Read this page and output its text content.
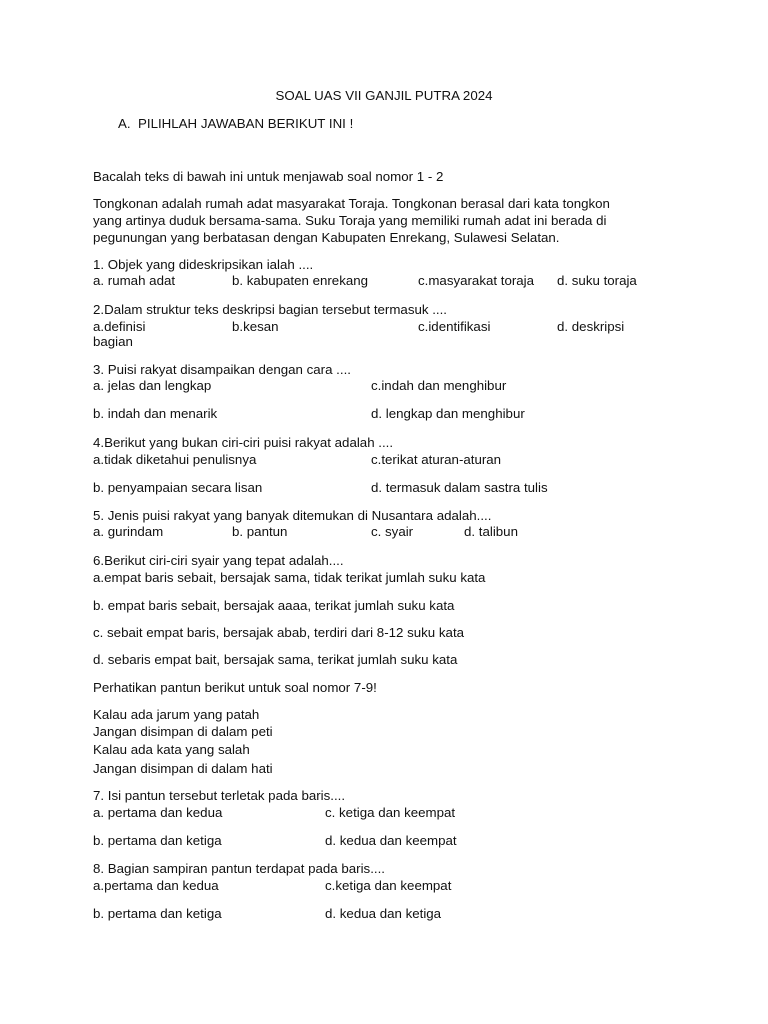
SOAL UAS VII GANJIL PUTRA 2024
A. PILIHLAH JAWABAN BERIKUT INI !
Bacalah teks di bawah ini untuk menjawab soal nomor 1 - 2
Tongkonan adalah rumah adat masyarakat Toraja. Tongkonan berasal dari kata tongkon
yang artinya duduk bersama-sama. Suku Toraja yang memiliki rumah adat ini berada di
pegunungan yang berbatasan dengan Kabupaten Enrekang, Sulawesi Selatan.
1. Objek yang dideskripsikan ialah ....
a. rumah adat	b. kabupaten enrekang	c.masyarakat toraja d. suku toraja
2.Dalam struktur teks deskripsi bagian tersebut termasuk ....
a.definisi	b.kesan	c.identifikasi	d. deskripsi
bagian
3. Puisi rakyat disampaikan dengan cara ....
a. jelas dan lengkap	c.indah dan menghibur
b. indah dan menarik	d. lengkap dan menghibur
4.Berikut yang bukan ciri-ciri puisi rakyat adalah ....
a.tidak diketahui penulisnya	c.terikat aturan-aturan
b. penyampaian secara lisan	d. termasuk dalam sastra tulis
5. Jenis puisi rakyat yang banyak ditemukan di Nusantara adalah....
a. gurindam	b. pantun	c. syair	d. talibun
6.Berikut ciri-ciri syair yang tepat adalah....
a.empat baris sebait, bersajak sama, tidak terikat jumlah suku kata
b. empat baris sebait, bersajak aaaa, terikat jumlah suku kata
c. sebait empat baris, bersajak abab, terdiri dari 8-12 suku kata
d. sebaris empat bait, bersajak sama, terikat jumlah suku kata
Perhatikan pantun berikut untuk soal nomor 7-9!
Kalau ada jarum yang patah
Jangan disimpan di dalam peti
Kalau ada kata yang salah
Jangan disimpan di dalam hati
7. Isi pantun tersebut terletak pada baris....
a. pertama dan kedua	c. ketiga dan keempat
b. pertama dan ketiga	d. kedua dan keempat
8. Bagian sampiran pantun terdapat pada baris....
a.pertama dan kedua	c.ketiga dan keempat
b. pertama dan ketiga	d. kedua dan ketiga
